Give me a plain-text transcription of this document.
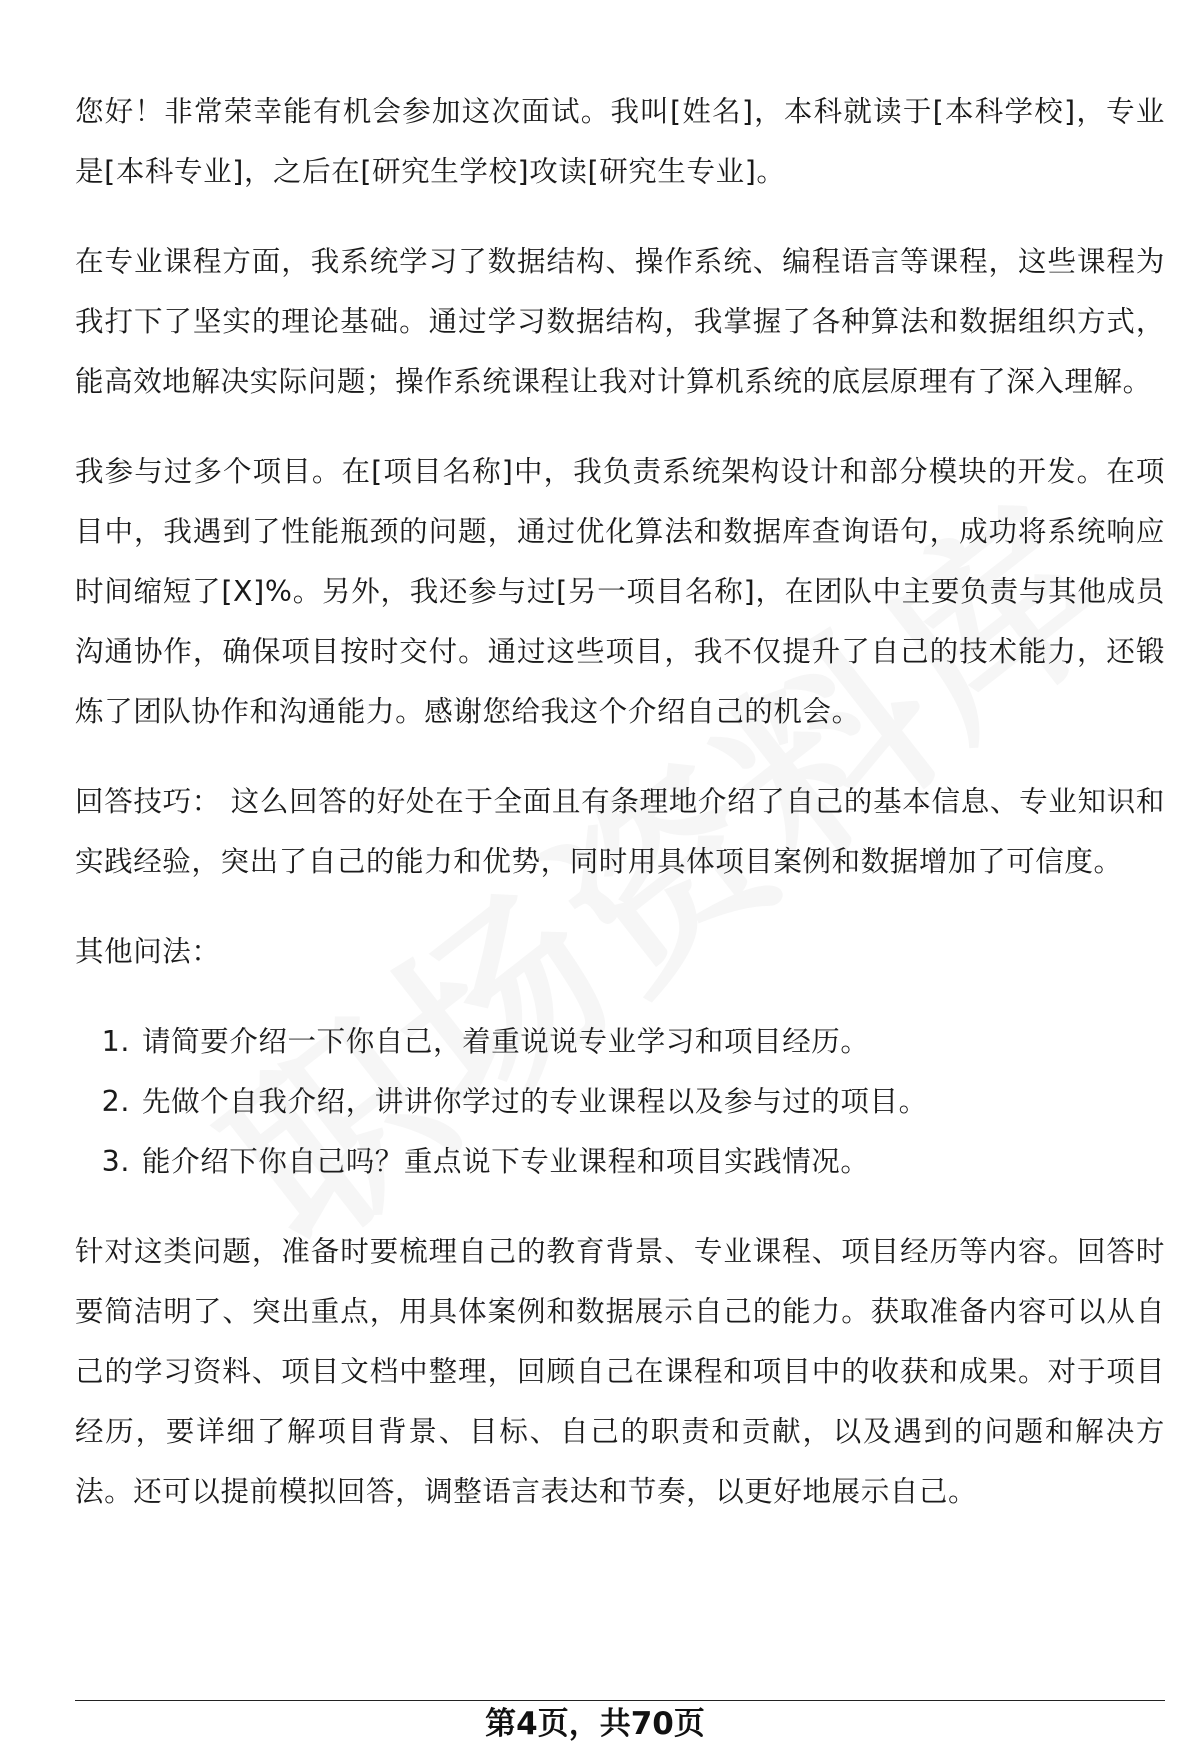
您好！非常荣幸能有机会参加这次面试。我叫[姓名]，本科就读于[本科学校]，专业是[本科专业]，之后在[研究生学校]攻读[研究生专业]。

在专业课程方面，我系统学习了数据结构、操作系统、编程语言等课程，这些课程为我打下了坚实的理论基础。通过学习数据结构，我掌握了各种算法和数据组织方式，能高效地解决实际问题；操作系统课程让我对计算机系统的底层原理有了深入理解。

我参与过多个项目。在[项目名称]中，我负责系统架构设计和部分模块的开发。在项目中，我遇到了性能瓶颈的问题，通过优化算法和数据库查询语句，成功将系统响应时间缩短了[X]%。另外，我还参与过[另一项目名称]，在团队中主要负责与其他成员沟通协作，确保项目按时交付。通过这些项目，我不仅提升了自己的技术能力，还锻炼了团队协作和沟通能力。感谢您给我这个介绍自己的机会。

回答技巧： 这么回答的好处在于全面且有条理地介绍了自己的基本信息、专业知识和实践经验，突出了自己的能力和优势，同时用具体项目案例和数据增加了可信度。

其他问法：

1. 请简要介绍一下你自己，着重说说专业学习和项目经历。
2. 先做个自我介绍，讲讲你学过的专业课程以及参与过的项目。
3. 能介绍下你自己吗？重点说下专业课程和项目实践情况。

针对这类问题，准备时要梳理自己的教育背景、专业课程、项目经历等内容。回答时要简洁明了、突出重点，用具体案例和数据展示自己的能力。获取准备内容可以从自己的学习资料、项目文档中整理，回顾自己在课程和项目中的收获和成果。对于项目经历，要详细了解项目背景、目标、自己的职责和贡献，以及遇到的问题和解决方法。还可以提前模拟回答，调整语言表达和节奏，以更好地展示自己。

第4页，共70页
